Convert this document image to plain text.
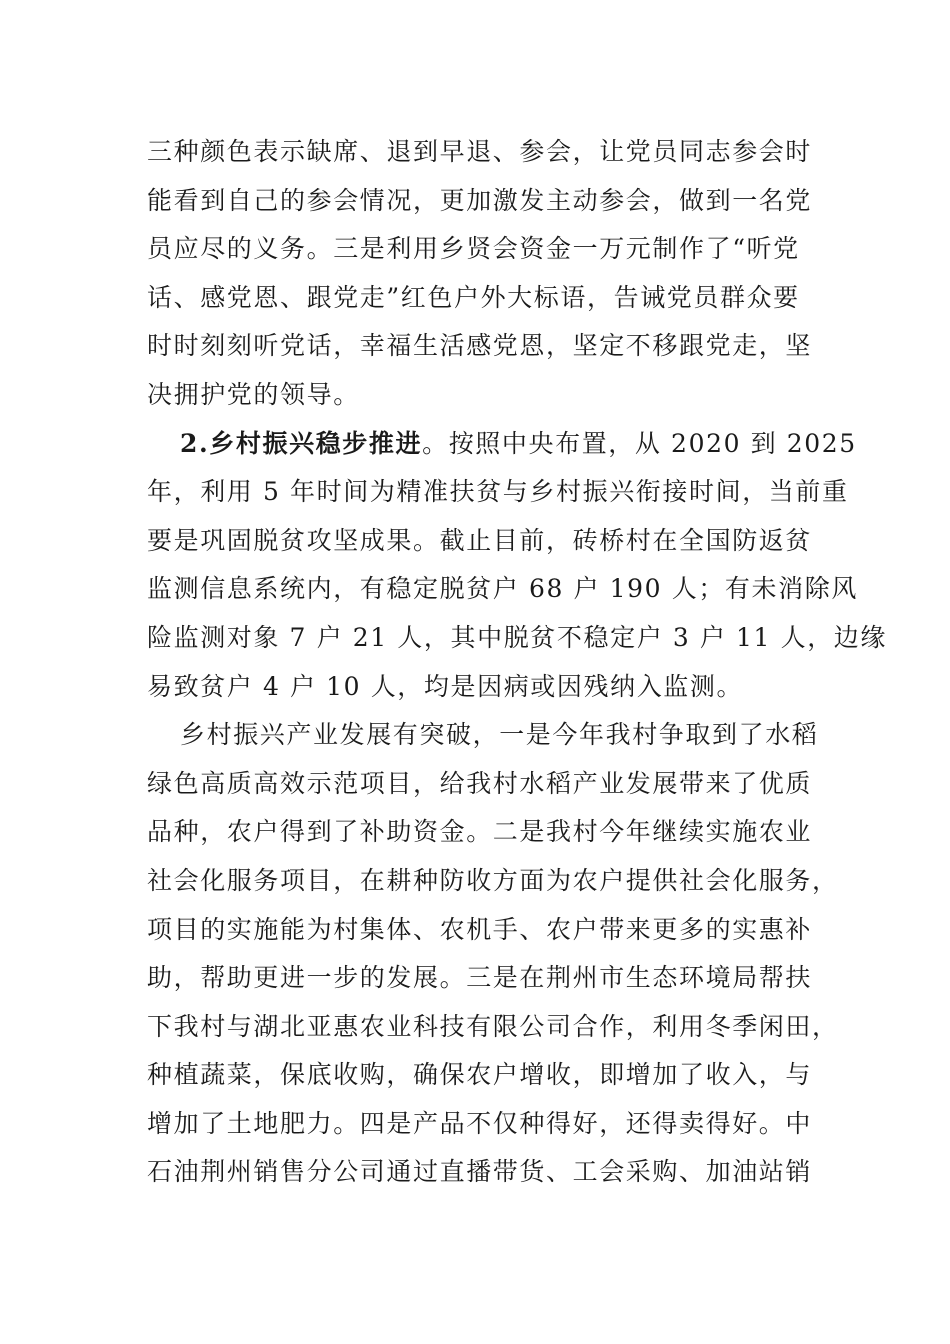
三种颜色表示缺席、退到早退、参会，让党员同志参会时
能看到自己的参会情况，更加激发主动参会，做到一名党
员应尽的义务。三是利用乡贤会资金一万元制作了“听党
话、感党恩、跟党走”红色户外大标语，告诫党员群众要
时时刻刻听党话，幸福生活感党恩，坚定不移跟党走，坚
决拥护党的领导。
2.乡村振兴稳步推进。按照中央布置，从 2020 到 2025
年，利用 5 年时间为精准扶贫与乡村振兴衔接时间，当前重
要是巩固脱贫攻坚成果。截止目前，砖桥村在全国防返贫
监测信息系统内，有稳定脱贫户 68 户 190 人；有未消除风
险监测对象 7 户 21 人，其中脱贫不稳定户 3 户 11 人，边缘
易致贫户 4 户 10 人，均是因病或因残纳入监测。
乡村振兴产业发展有突破，一是今年我村争取到了水稻
绿色高质高效示范项目，给我村水稻产业发展带来了优质
品种，农户得到了补助资金。二是我村今年继续实施农业
社会化服务项目，在耕种防收方面为农户提供社会化服务，
项目的实施能为村集体、农机手、农户带来更多的实惠补
助，帮助更进一步的发展。三是在荆州市生态环境局帮扶
下我村与湖北亚惠农业科技有限公司合作，利用冬季闲田，
种植蔬菜，保底收购，确保农户增收，即增加了收入，与
增加了土地肥力。四是产品不仅种得好，还得卖得好。中
石油荆州销售分公司通过直播带货、工会采购、加油站销
